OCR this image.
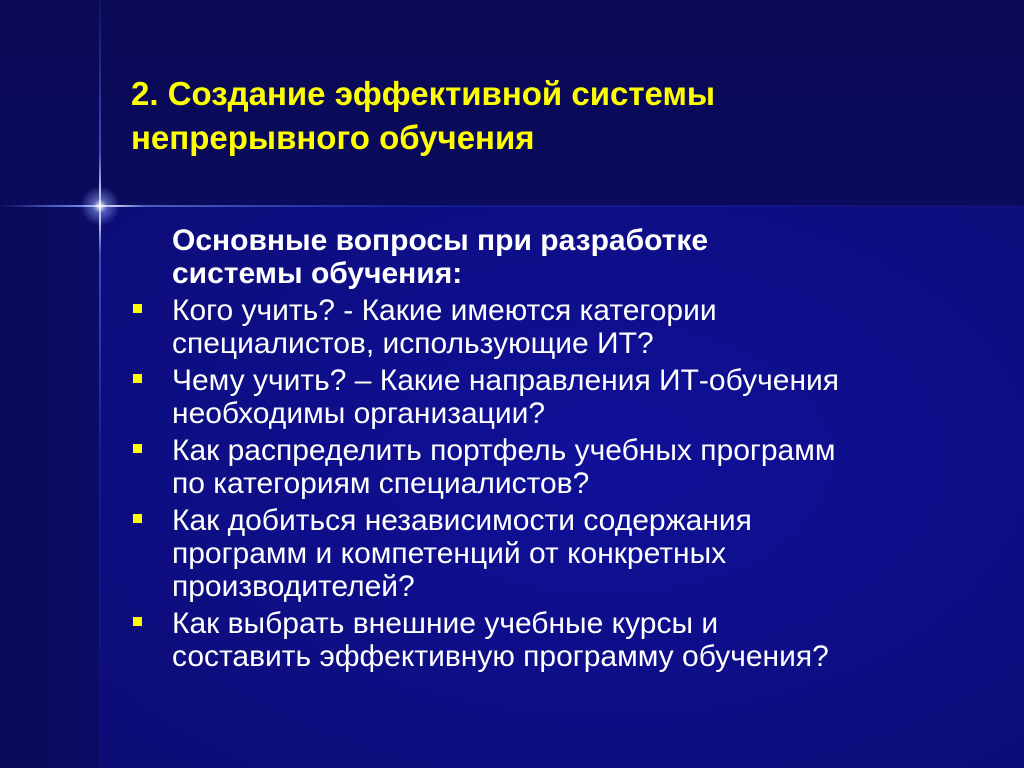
2. Создание эффективной системы
непрерывного обучения

Основные вопросы при разработке
системы обучения:

Кого учить? - Какие имеются категории
специалистов, использующие ИТ?
Чему учить? – Какие направления ИТ-обучения
необходимы организации?
Как распределить портфель учебных программ
по категориям специалистов?
Как добиться независимости содержания
программ и компетенций от конкретных
производителей?
Как выбрать внешние учебные курсы и
составить эффективную программу обучения?
